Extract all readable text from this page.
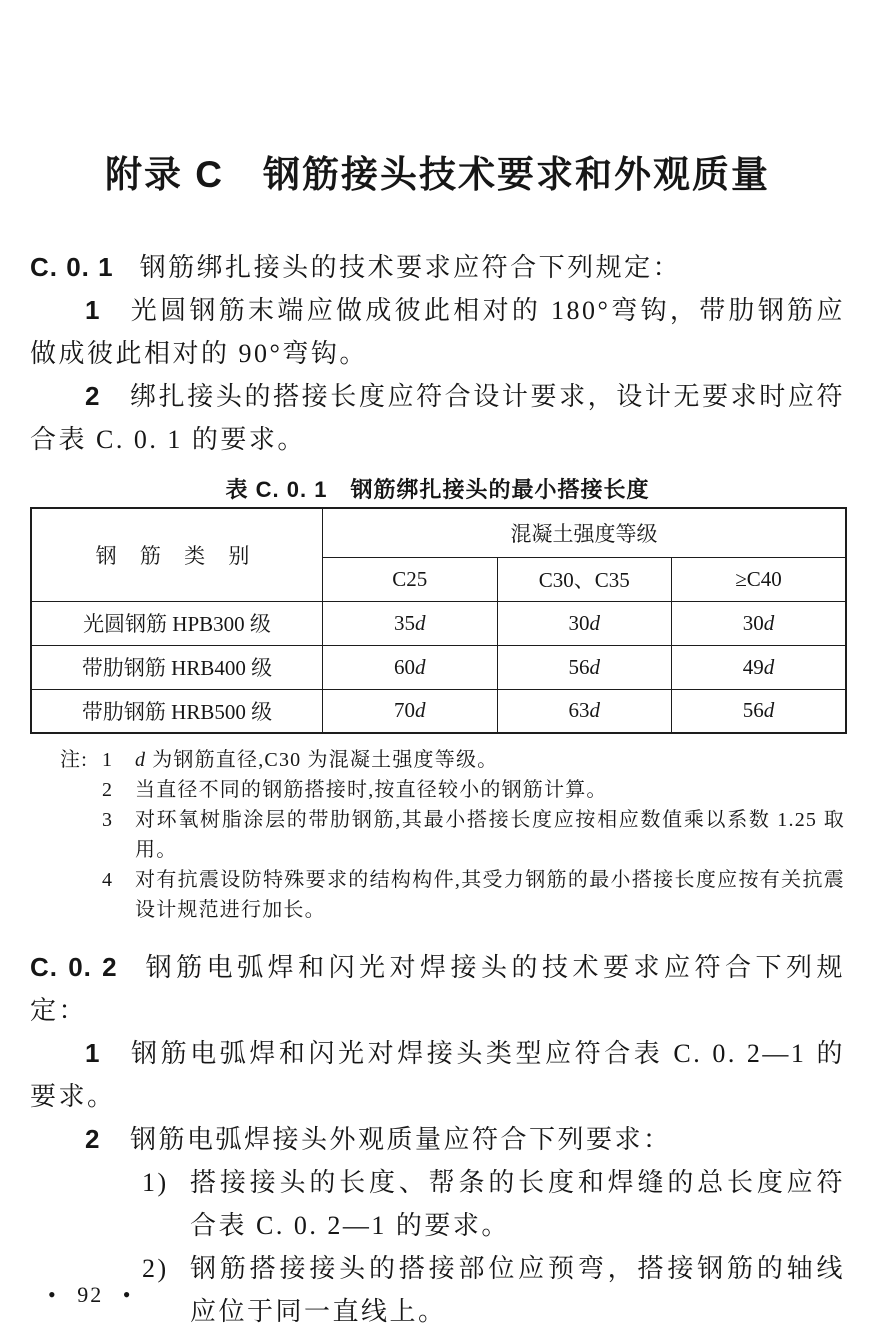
附录 C　钢筋接头技术要求和外观质量

C. 0. 1 钢筋绑扎接头的技术要求应符合下列规定：

1 光圆钢筋末端应做成彼此相对的 180°弯钩，带肋钢筋应做成彼此相对的 90°弯钩。

2 绑扎接头的搭接长度应符合设计要求，设计无要求时应符合表 C. 0. 1 的要求。

表 C. 0. 1　钢筋绑扎接头的最小搭接长度
钢 筋 类 别	混凝土强度等级		
	C25	C30、C35	≥C40
光圆钢筋 HPB300 级	35d	30d	30d
带肋钢筋 HRB400 级	60d	56d	49d
带肋钢筋 HRB500 级	70d	63d	56d
注: 1	d 为钢筋直径,C30 为混凝土强度等级。
2	当直径不同的钢筋搭接时,按直径较小的钢筋计算。
3	对环氧树脂涂层的带肋钢筋,其最小搭接长度应按相应数值乘以系数 1.25 取用。
4	对有抗震设防特殊要求的结构构件,其受力钢筋的最小搭接长度应按有关抗震设计规范进行加长。

C. 0. 2 钢筋电弧焊和闪光对焊接头的技术要求应符合下列规定：

1 钢筋电弧焊和闪光对焊接头类型应符合表 C. 0. 2—1 的要求。

2 钢筋电弧焊接头外观质量应符合下列要求：

1) 搭接接头的长度、帮条的长度和焊缝的总长度应符合表 C. 0. 2—1 的要求。
2) 钢筋搭接接头的搭接部位应预弯，搭接钢筋的轴线应位于同一直线上。
• 92 •
